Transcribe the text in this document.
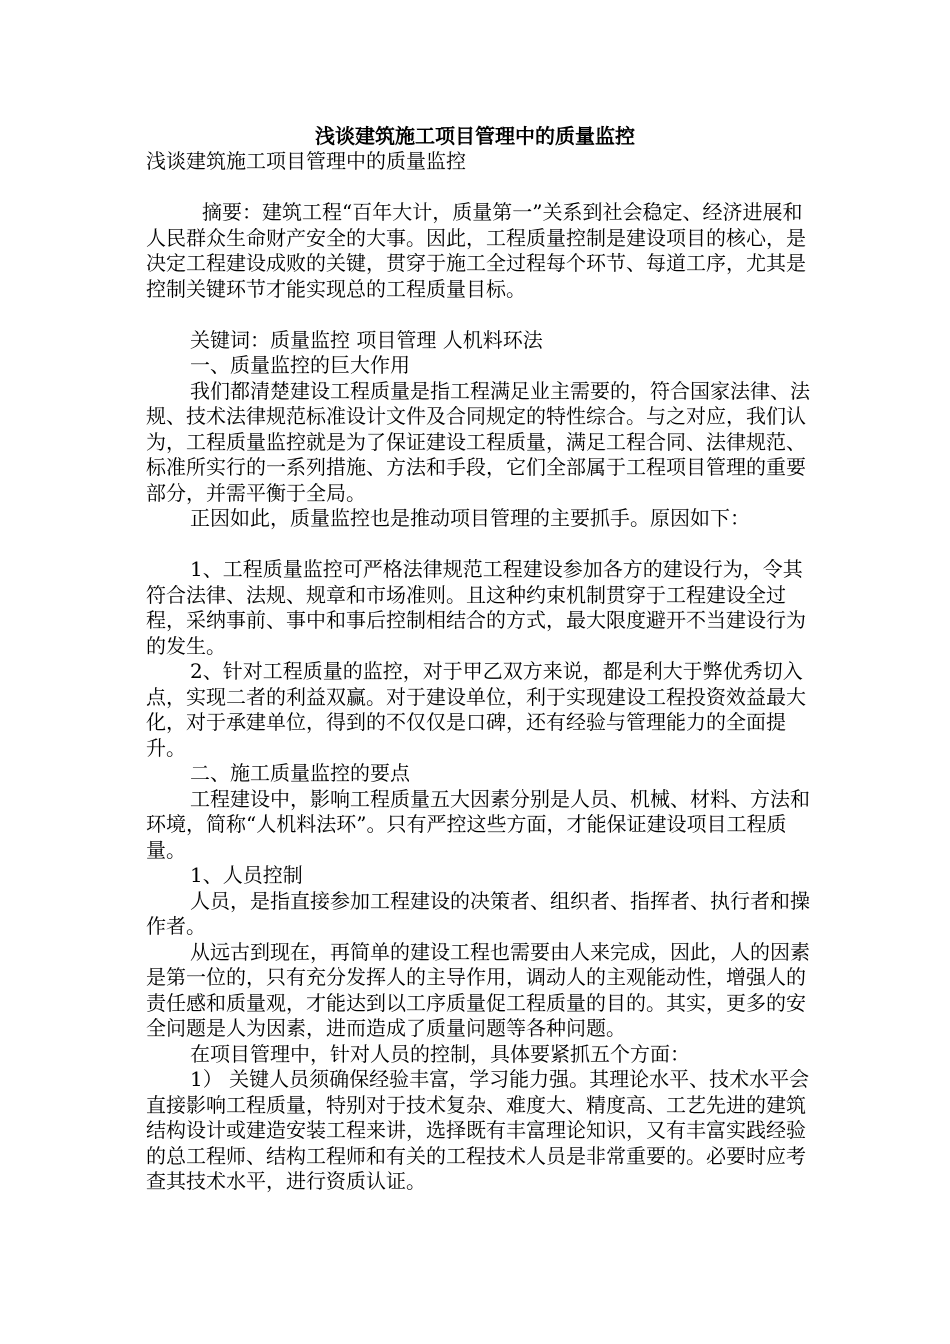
浅谈建筑施工项目管理中的质量监控

浅谈建筑施工项目管理中的质量监控

摘要：建筑工程“百年大计，质量第一”关系到社会稳定、经济进展和人民群众生命财产安全的大事。因此，工程质量控制是建设项目的核心，是决定工程建设成败的关键，贯穿于施工全过程每个环节、每道工序，尤其是控制关键环节才能实现总的工程质量目标。

关键词：质量监控 项目管理 人机料环法

一、质量监控的巨大作用

我们都清楚建设工程质量是指工程满足业主需要的，符合国家法律、法规、技术法律规范标准设计文件及合同规定的特性综合。与之对应，我们认为，工程质量监控就是为了保证建设工程质量，满足工程合同、法律规范、标准所实行的一系列措施、方法和手段，它们全部属于工程项目管理的重要部分，并需平衡于全局。

正因如此，质量监控也是推动项目管理的主要抓手。原因如下：

1、工程质量监控可严格法律规范工程建设参加各方的建设行为，令其符合法律、法规、规章和市场准则。且这种约束机制贯穿于工程建设全过程，采纳事前、事中和事后控制相结合的方式，最大限度避开不当建设行为的发生。

2、针对工程质量的监控，对于甲乙双方来说，都是利大于弊优秀切入点，实现二者的利益双赢。对于建设单位，利于实现建设工程投资效益最大化，对于承建单位，得到的不仅仅是口碑，还有经验与管理能力的全面提升。

二、施工质量监控的要点

工程建设中，影响工程质量五大因素分别是人员、机械、材料、方法和环境，简称“人机料法环”。只有严控这些方面，才能保证建设项目工程质量。

1、人员控制

人员，是指直接参加工程建设的决策者、组织者、指挥者、执行者和操作者。

从远古到现在，再简单的建设工程也需要由人来完成，因此，人的因素是第一位的，只有充分发挥人的主导作用，调动人的主观能动性，增强人的责任感和质量观，才能达到以工序质量促工程质量的目的。其实，更多的安全问题是人为因素，进而造成了质量问题等各种问题。

在项目管理中，针对人员的控制，具体要紧抓五个方面：

1） 关键人员须确保经验丰富，学习能力强。其理论水平、技术水平会直接影响工程质量，特别对于技术复杂、难度大、精度高、工艺先进的建筑结构设计或建造安装工程来讲，选择既有丰富理论知识，又有丰富实践经验的总工程师、结构工程师和有关的工程技术人员是非常重要的。必要时应考查其技术水平，进行资质认证。
